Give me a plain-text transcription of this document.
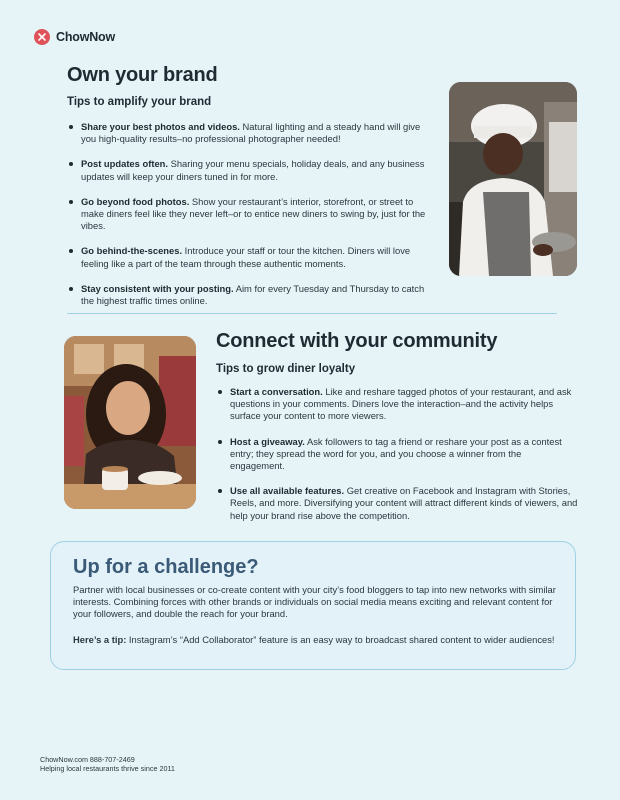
ChowNow
Own your brand
Tips to amplify your brand
Share your best photos and videos. Natural lighting and a steady hand will give you high-quality results–no professional photographer needed!
Post updates often. Sharing your menu specials, holiday deals, and any business updates will keep your diners tuned in for more.
Go beyond food photos. Show your restaurant’s interior, storefront, or street to make diners feel like they never left–or to entice new diners to swing by, just for the vibes.
Go behind-the-scenes. Introduce your staff or tour the kitchen. Diners will love feeling like a part of the team through these authentic moments.
Stay consistent with your posting. Aim for every Tuesday and Thursday to catch the highest traffic times online.
Connect with your community
Tips to grow diner loyalty
Start a conversation. Like and reshare tagged photos of your restaurant, and ask questions in your comments. Diners love the interaction–and the activity helps surface your content to more viewers.
Host a giveaway. Ask followers to tag a friend or reshare your post as a contest entry; they spread the word for you, and you choose a winner from the engagement.
Use all available features. Get creative on Facebook and Instagram with Stories, Reels, and more. Diversifying your content will attract different kinds of viewers, and help your brand rise above the competition.
Up for a challenge?

Partner with local businesses or co-create content with your city’s food bloggers to tap into new networks with similar interests. Combining forces with other brands or individuals on social media means exciting and relevant content for your followers, and double the reach for your brand.

Here’s a tip: Instagram’s “Add Collaborator” feature is an easy way to broadcast shared content to wider audiences!

ChowNow.com 888-707-2469
Helping local restaurants thrive since 2011
